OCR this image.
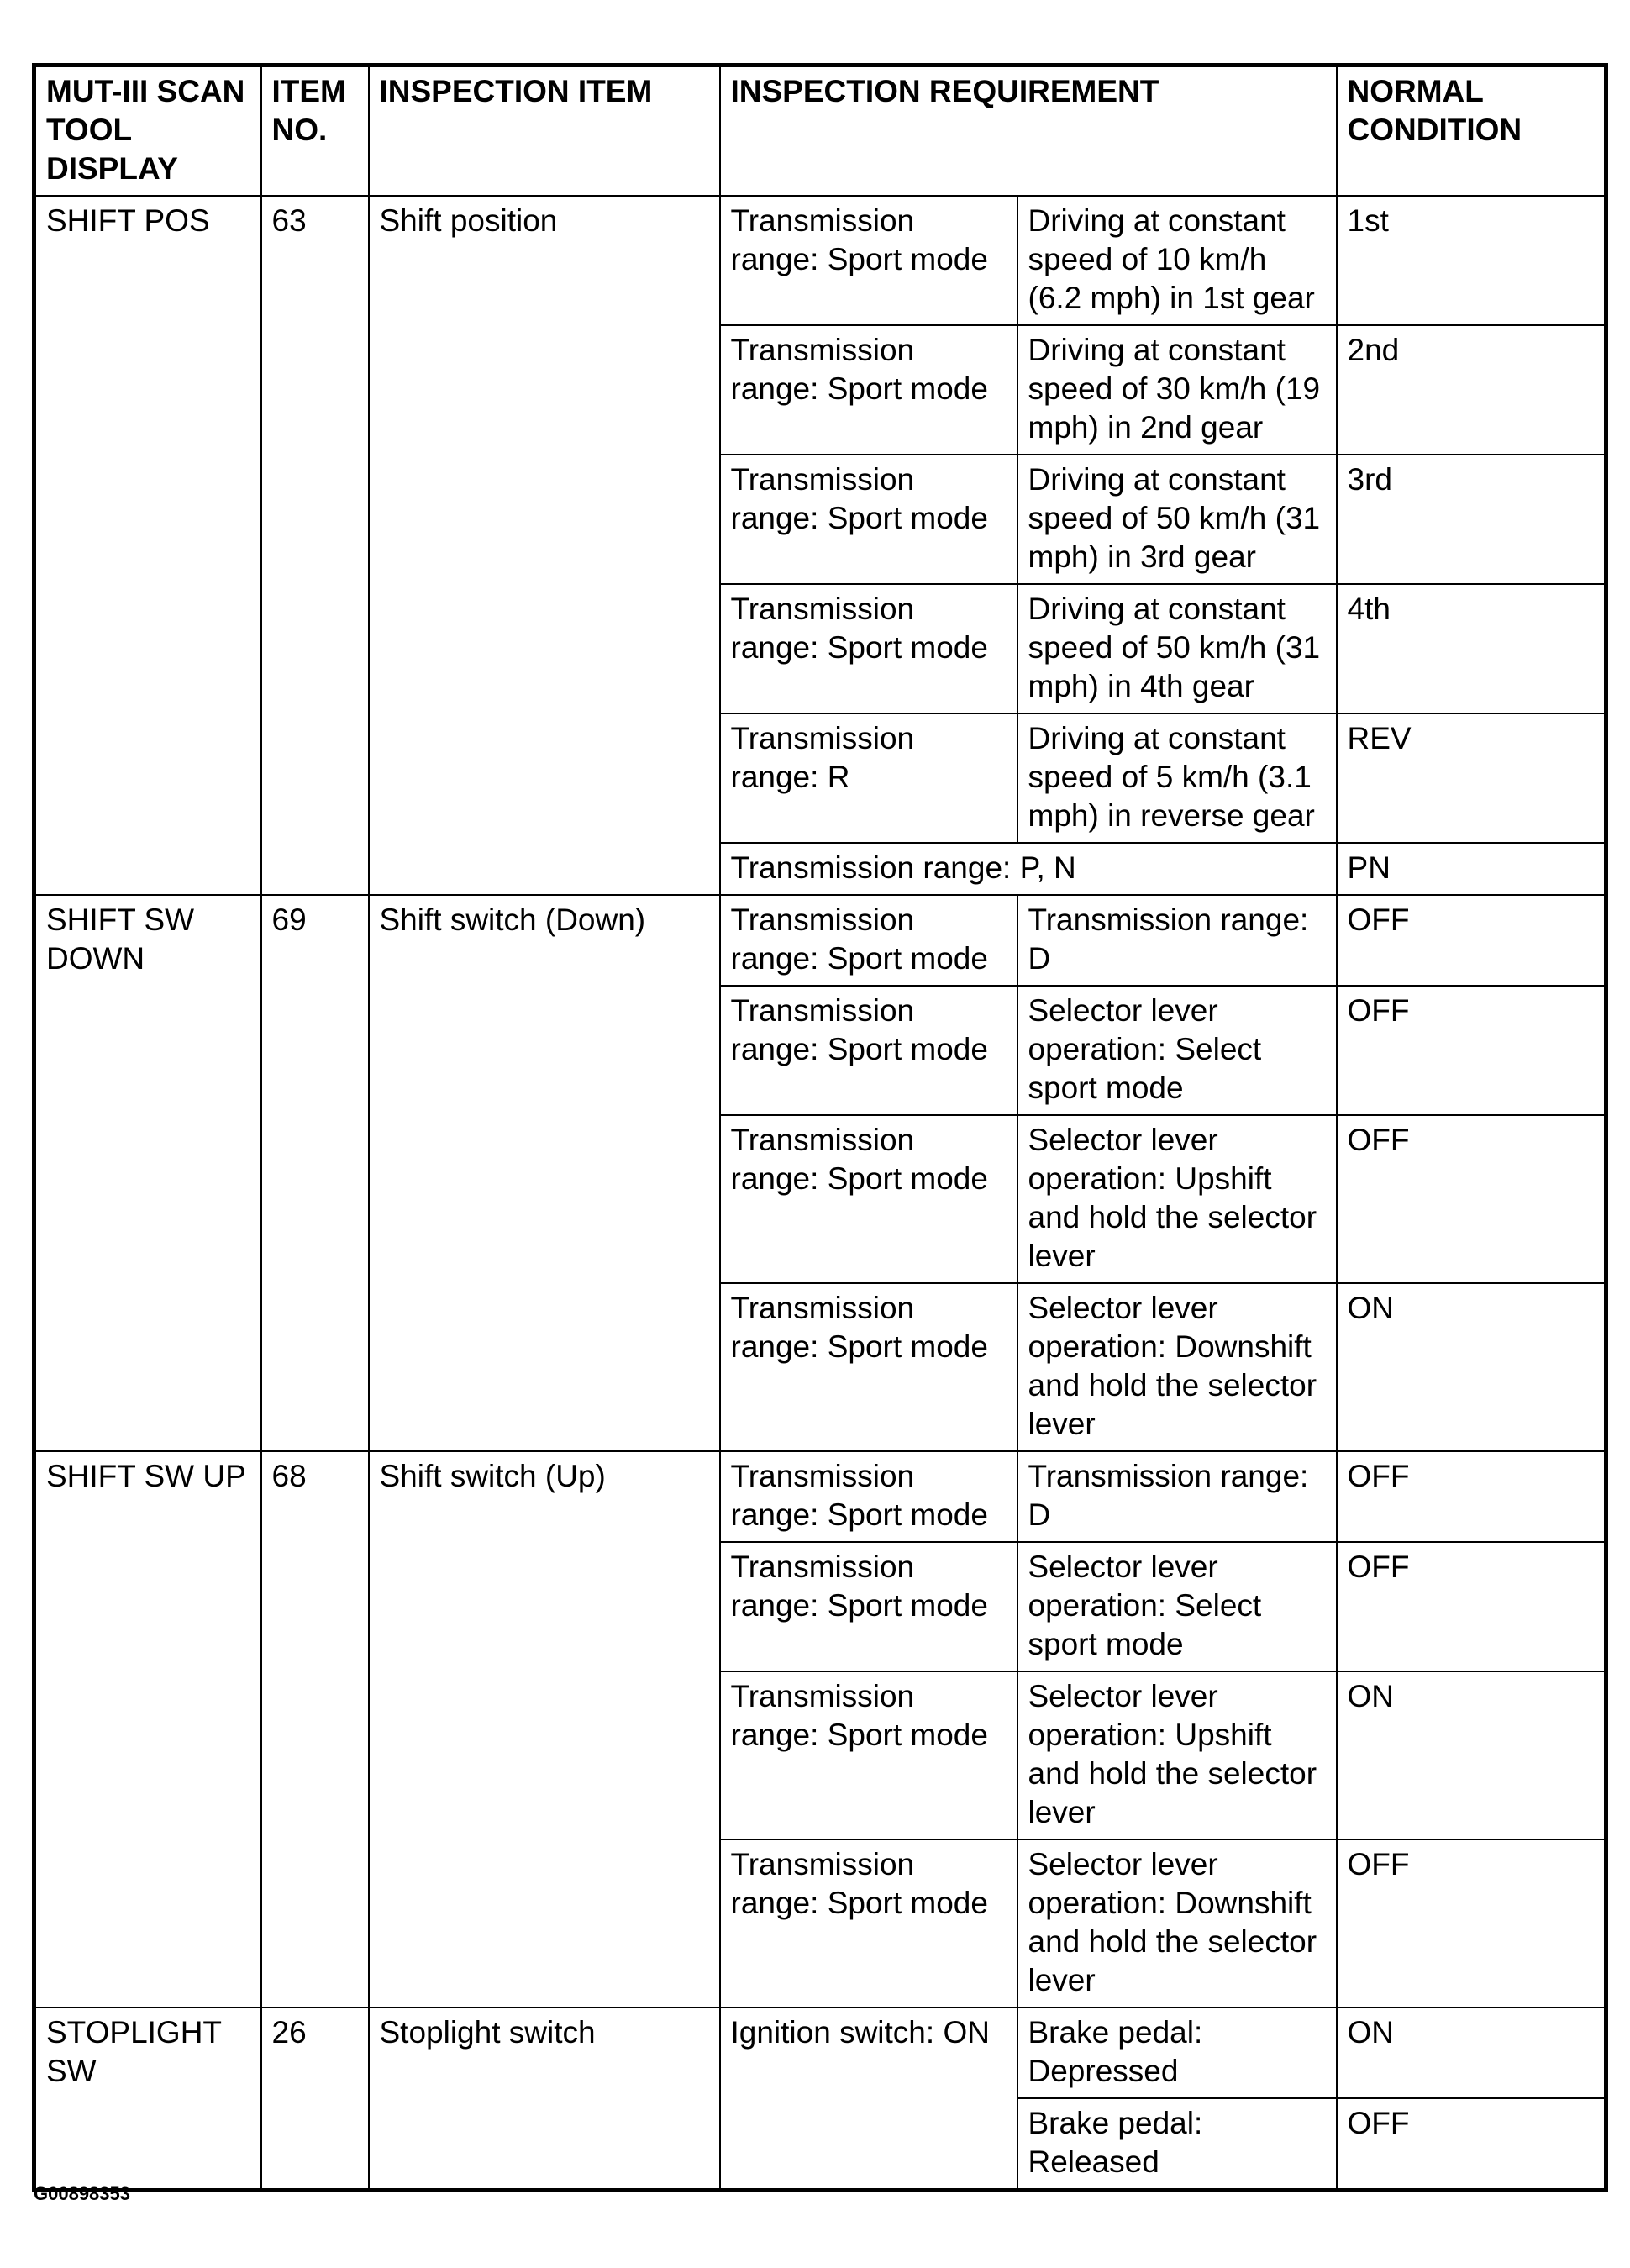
MUT-III SCAN TOOL DISPLAY	ITEM NO.	INSPECTION ITEM	INSPECTION REQUIREMENT		NORMAL CONDITION
SHIFT POS	63	Shift position	Transmission range: Sport mode	Driving at constant speed of 10 km/h (6.2 mph) in 1st gear	1st
			Transmission range: Sport mode	Driving at constant speed of 30 km/h (19 mph) in 2nd gear	2nd
			Transmission range: Sport mode	Driving at constant speed of 50 km/h (31 mph) in 3rd gear	3rd
			Transmission range: Sport mode	Driving at constant speed of 50 km/h (31 mph) in 4th gear	4th
			Transmission range: R	Driving at constant speed of 5 km/h (3.1 mph) in reverse gear	REV
			Transmission range: P, N		PN
SHIFT SW DOWN	69	Shift switch (Down)	Transmission range: Sport mode	Transmission range: D	OFF
			Transmission range: Sport mode	Selector lever operation: Select sport mode	OFF
			Transmission range: Sport mode	Selector lever operation: Upshift and hold the selector lever	OFF
			Transmission range: Sport mode	Selector lever operation: Downshift and hold the selector lever	ON
SHIFT SW UP	68	Shift switch (Up)	Transmission range: Sport mode	Transmission range: D	OFF
			Transmission range: Sport mode	Selector lever operation: Select sport mode	OFF
			Transmission range: Sport mode	Selector lever operation: Upshift and hold the selector lever	ON
			Transmission range: Sport mode	Selector lever operation: Downshift and hold the selector lever	OFF
STOPLIGHT SW	26	Stoplight switch	Ignition switch: ON	Brake pedal: Depressed	ON
				Brake pedal: Released	OFF
G00898353
